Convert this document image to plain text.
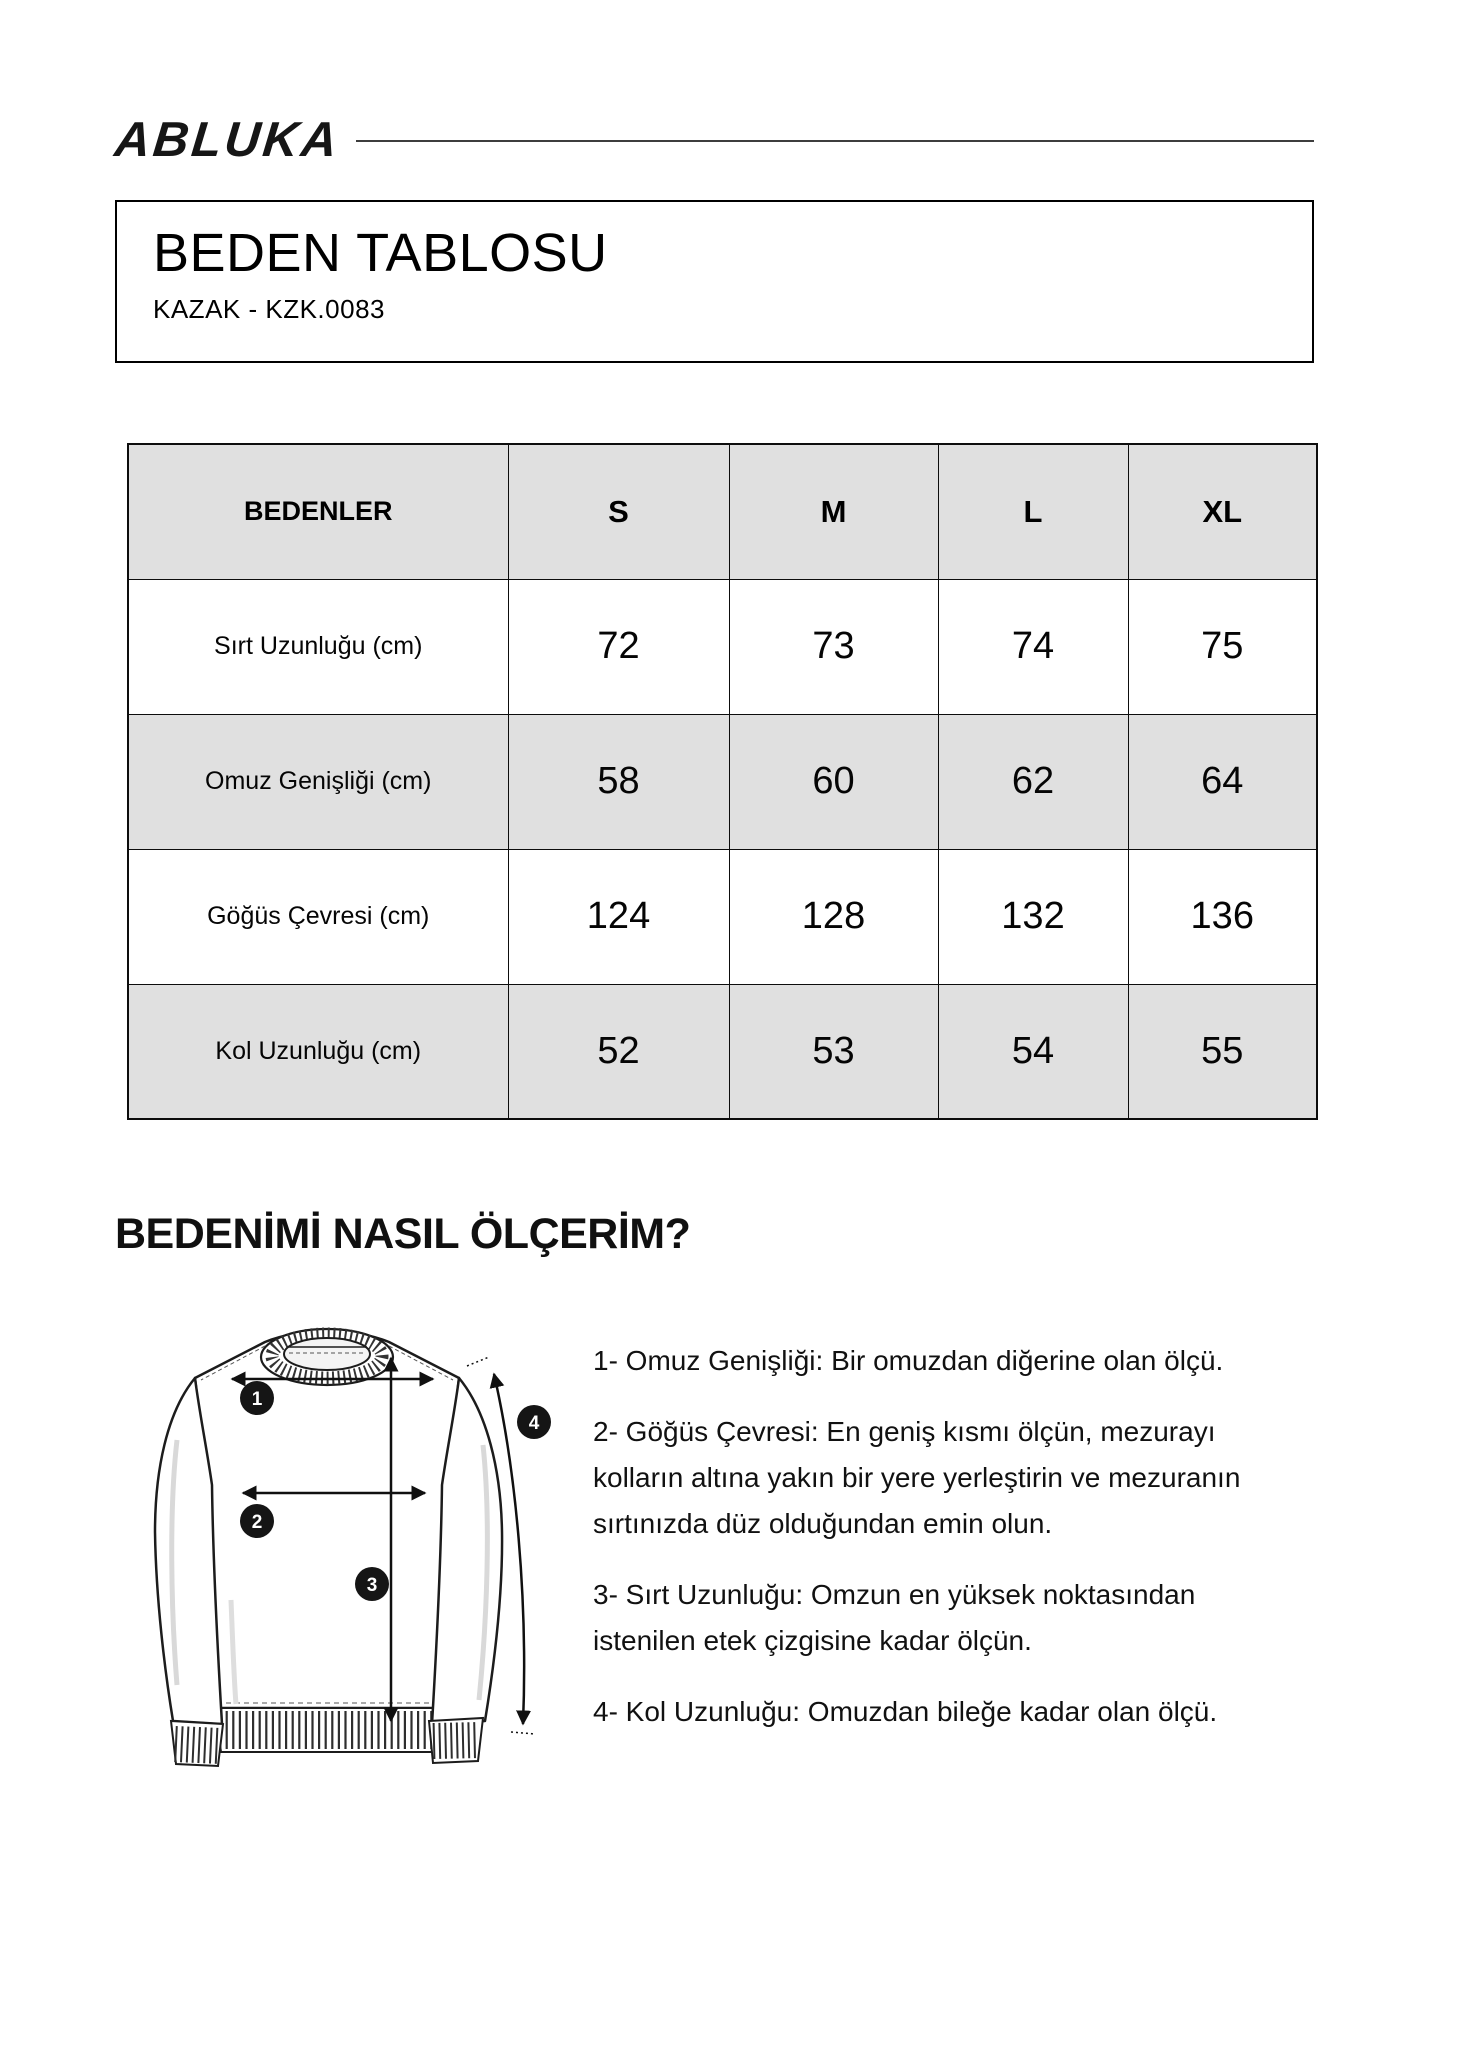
ABLUKA
BEDEN TABLOSU
KAZAK - KZK.0083
BEDENLER	S	M	L	XL
Sırt Uzunluğu (cm)	72	73	74	75
Omuz Genişliği (cm)	58	60	62	64
Göğüs Çevresi (cm)	124	128	132	136
Kol Uzunluğu (cm)	52	53	54	55
BEDENİMİ NASIL ÖLÇERİM?
1
2
3
4

1- Omuz Genişliği: Bir omuzdan diğerine olan ölçü.

2- Göğüs Çevresi: En geniş kısmı ölçün, mezurayı kolların altına yakın bir yere yerleştirin ve mezuranın sırtınızda düz olduğundan emin olun.

3- Sırt Uzunluğu: Omzun en yüksek noktasından istenilen etek çizgisine kadar ölçün.

4- Kol Uzunluğu: Omuzdan bileğe kadar olan ölçü.
